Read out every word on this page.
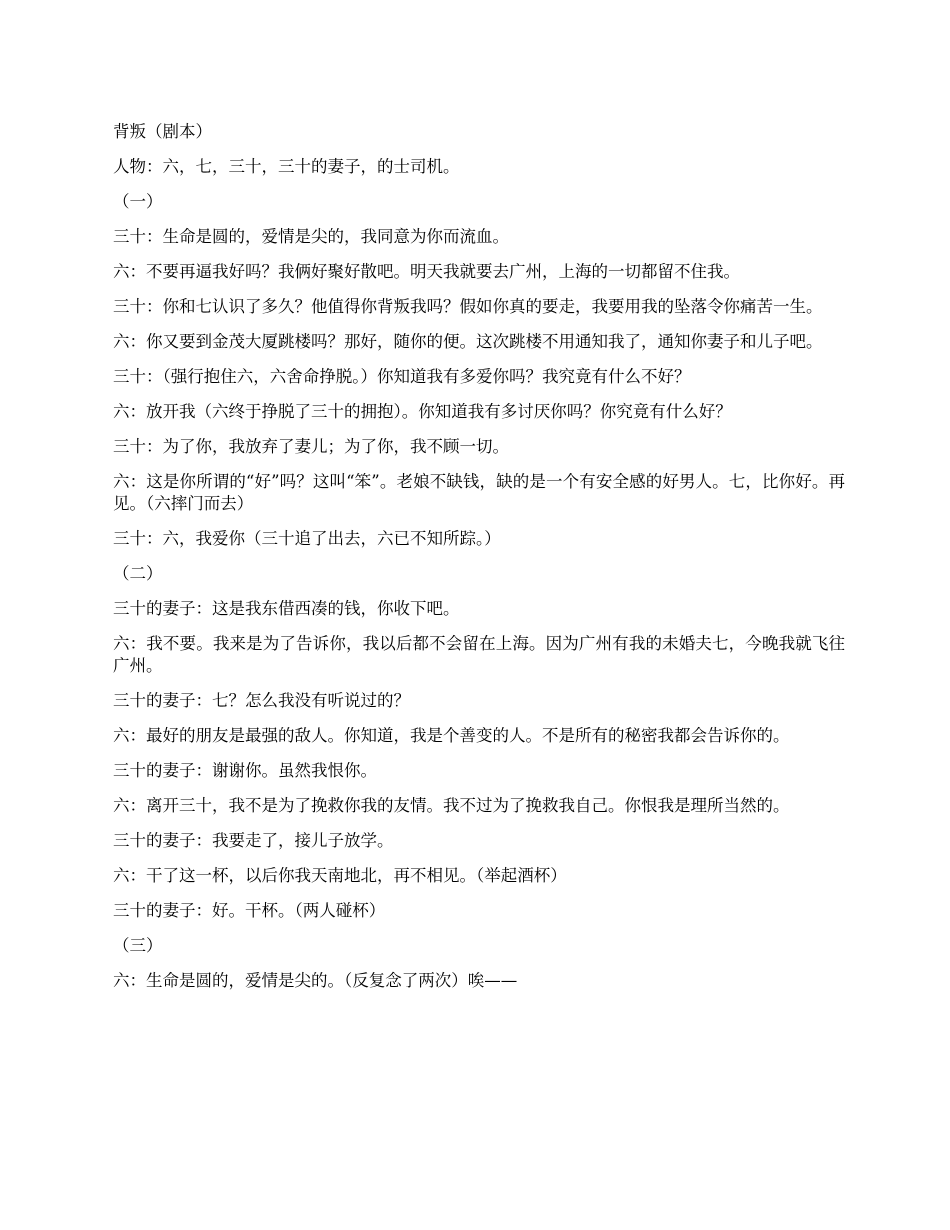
背叛（剧本）

人物：六，七，三十，三十的妻子，的士司机。

（一）

三十：生命是圆的，爱情是尖的，我同意为你而流血。

六：不要再逼我好吗？我俩好聚好散吧。明天我就要去广州，上海的一切都留不住我。

三十：你和七认识了多久？他值得你背叛我吗？假如你真的要走，我要用我的坠落令你痛苦一生。

六：你又要到金茂大厦跳楼吗？那好，随你的便。这次跳楼不用通知我了，通知你妻子和儿子吧。

三十：（强行抱住六，六舍命挣脱。）你知道我有多爱你吗？我究竟有什么不好？

六：放开我（六终于挣脱了三十的拥抱）。你知道我有多讨厌你吗？你究竟有什么好？

三十：为了你，我放弃了妻儿；为了你，我不顾一切。

六：这是你所谓的“好”吗？这叫“笨”。老娘不缺钱，缺的是一个有安全感的好男人。七，比你好。再见。（六摔门而去）

三十：六，我爱你（三十追了出去，六已不知所踪。）

（二）

三十的妻子：这是我东借西凑的钱，你收下吧。

六：我不要。我来是为了告诉你，我以后都不会留在上海。因为广州有我的未婚夫七，今晚我就飞往广州。

三十的妻子：七？怎么我没有听说过的？

六：最好的朋友是最强的敌人。你知道，我是个善变的人。不是所有的秘密我都会告诉你的。

三十的妻子：谢谢你。虽然我恨你。

六：离开三十，我不是为了挽救你我的友情。我不过为了挽救我自己。你恨我是理所当然的。

三十的妻子：我要走了，接儿子放学。

六：干了这一杯，以后你我天南地北，再不相见。（举起酒杯）

三十的妻子：好。干杯。（两人碰杯）

（三）

六：生命是圆的，爱情是尖的。（反复念了两次）唉——
